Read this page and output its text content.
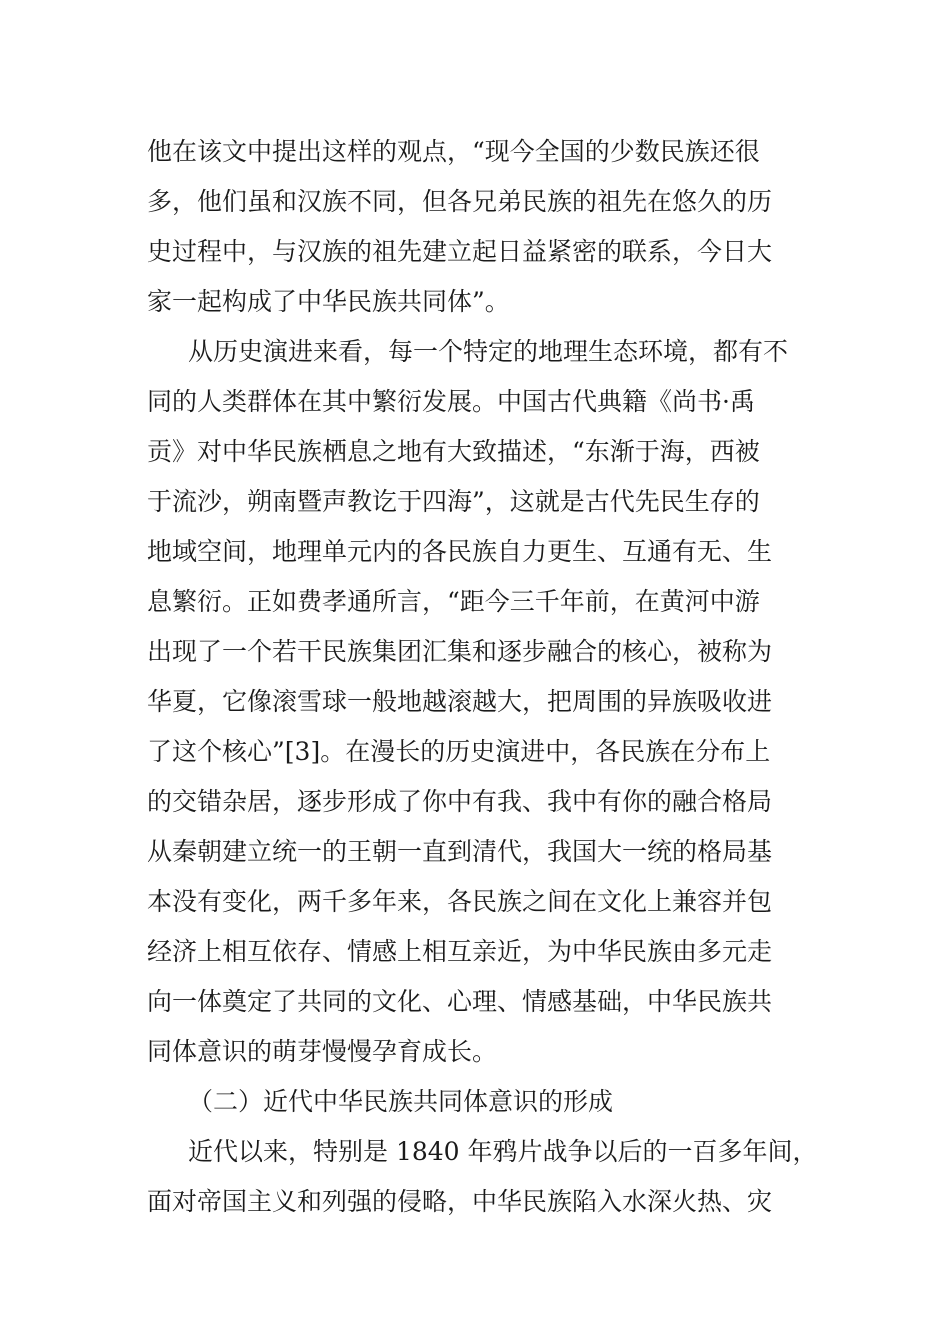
他在该文中提出这样的观点，“现今全国的少数民族还很
多，他们虽和汉族不同，但各兄弟民族的祖先在悠久的历
史过程中，与汉族的祖先建立起日益紧密的联系，今日大
家一起构成了中华民族共同体”。
从历史演进来看，每一个特定的地理生态环境，都有不
同的人类群体在其中繁衍发展。中国古代典籍《尚书·禹
贡》对中华民族栖息之地有大致描述，“东渐于海，西被
于流沙，朔南暨声教讫于四海”，这就是古代先民生存的
地域空间，地理单元内的各民族自力更生、互通有无、生
息繁衍。正如费孝通所言，“距今三千年前，在黄河中游
出现了一个若干民族集团汇集和逐步融合的核心，被称为
华夏，它像滚雪球一般地越滚越大，把周围的异族吸收进
了这个核心”[3]。在漫长的历史演进中，各民族在分布上
的交错杂居，逐步形成了你中有我、我中有你的融合格局
从秦朝建立统一的王朝一直到清代，我国大一统的格局基
本没有变化，两千多年来，各民族之间在文化上兼容并包
经济上相互依存、情感上相互亲近，为中华民族由多元走
向一体奠定了共同的文化、心理、情感基础，中华民族共
同体意识的萌芽慢慢孕育成长。
（二）近代中华民族共同体意识的形成
近代以来，特别是 1840 年鸦片战争以后的一百多年间，
面对帝国主义和列强的侵略，中华民族陷入水深火热、灾
